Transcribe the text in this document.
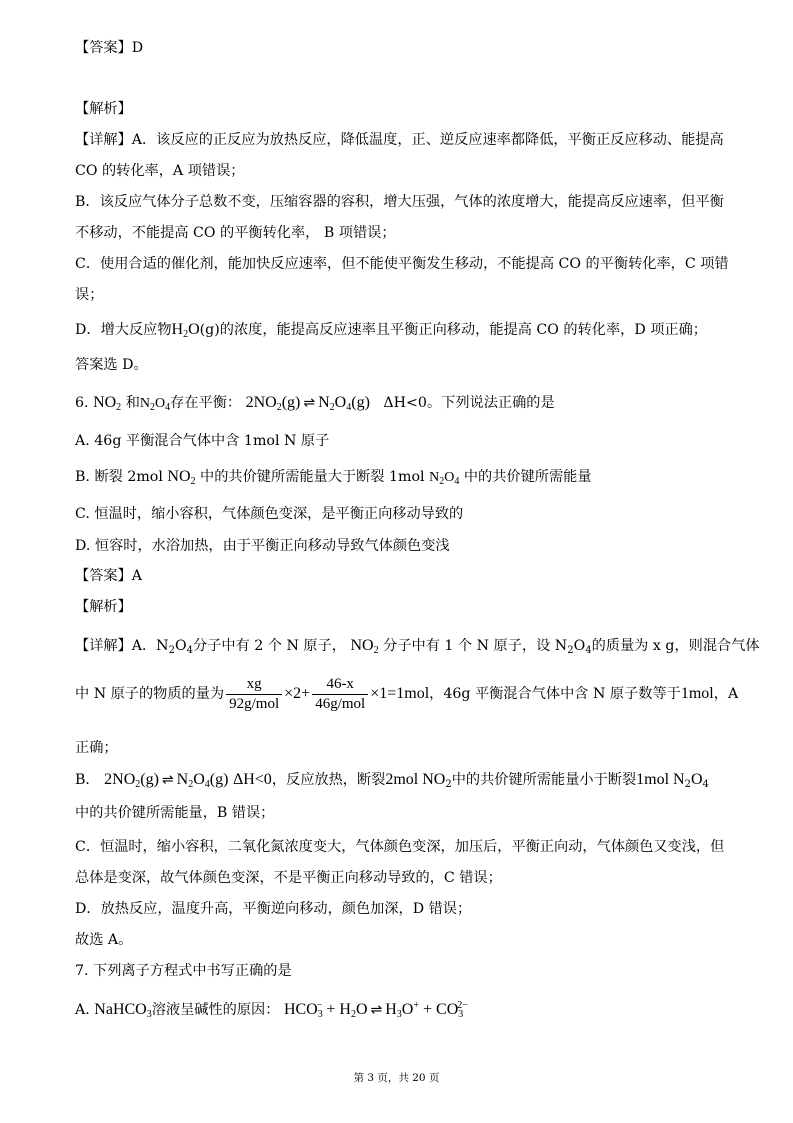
【答案】D
【解析】
【详解】A．该反应的正反应为放热反应，降低温度，正、逆反应速率都降低，平衡正反应移动、能提高
CO 的转化率，A 项错误；
B．该反应气体分子总数不变，压缩容器的容积，增大压强，气体的浓度增大，能提高反应速率，但平衡
不移动，不能提高 CO 的平衡转化率， B 项错误；
C．使用合适的催化剂，能加快反应速率，但不能使平衡发生移动，不能提高 CO 的平衡转化率，C 项错
误；
D．增大反应物$H_2O(g)$的浓度，能提高反应速率且平衡正向移动，能提高 CO 的转化率，D 项正确；
答案选 D。
6. $NO_2$ 和$N_2O_4$存在平衡： $2NO_2(g)$ ⇌ $N_2O_4(g)$ ΔH<0。下列说法正确的是
A. 46g 平衡混合气体中含 1mol N 原子
B. 断裂 2mol $NO_2$ 中的共价键所需能量大于断裂 1mol $N_2O_4$ 中的共价键所需能量
C. 恒温时，缩小容积，气体颜色变深，是平衡正向移动导致的
D. 恒容时，水浴加热，由于平衡正向移动导致气体颜色变浅
【答案】A
【解析】
【详解】A．$N_2O_4$分子中有 2 个 N 原子， $NO_2$ 分子中有 1 个 N 原子，设 $N_2O_4$的质量为 x g，则混合气体
中 N 原子的物质的量为 $\frac{xg}{\text{92g/mol}} \times 2+ \frac{46-x}{\text{46g/mol}} \times 1=1mol$，46g 平衡混合气体中含 N 原子数等于1mol，A
正确；
B． $2NO_2(g)$ ⇌ $N_2O_4(g)$ ΔH<0，反应放热，断裂2mol $NO_2$中的共价键所需能量小于断裂1mol $N_2O_4$
中的共价键所需能量，B 错误；
C．恒温时，缩小容积，二氧化氮浓度变大，气体颜色变深，加压后，平衡正向动，气体颜色又变浅，但
总体是变深，故气体颜色变深，不是平衡正向移动导致的，C 错误；
D．放热反应，温度升高，平衡逆向移动，颜色加深，D 错误；
故选 A。
7. 下列离子方程式中书写正确的是
A. NaHCO$_3$溶液呈碱性的原因： $HCO_3^- + H_2O$ ⇌ $H_3O^+ + CO_3^{2-}$
第 3 页，共 20 页
